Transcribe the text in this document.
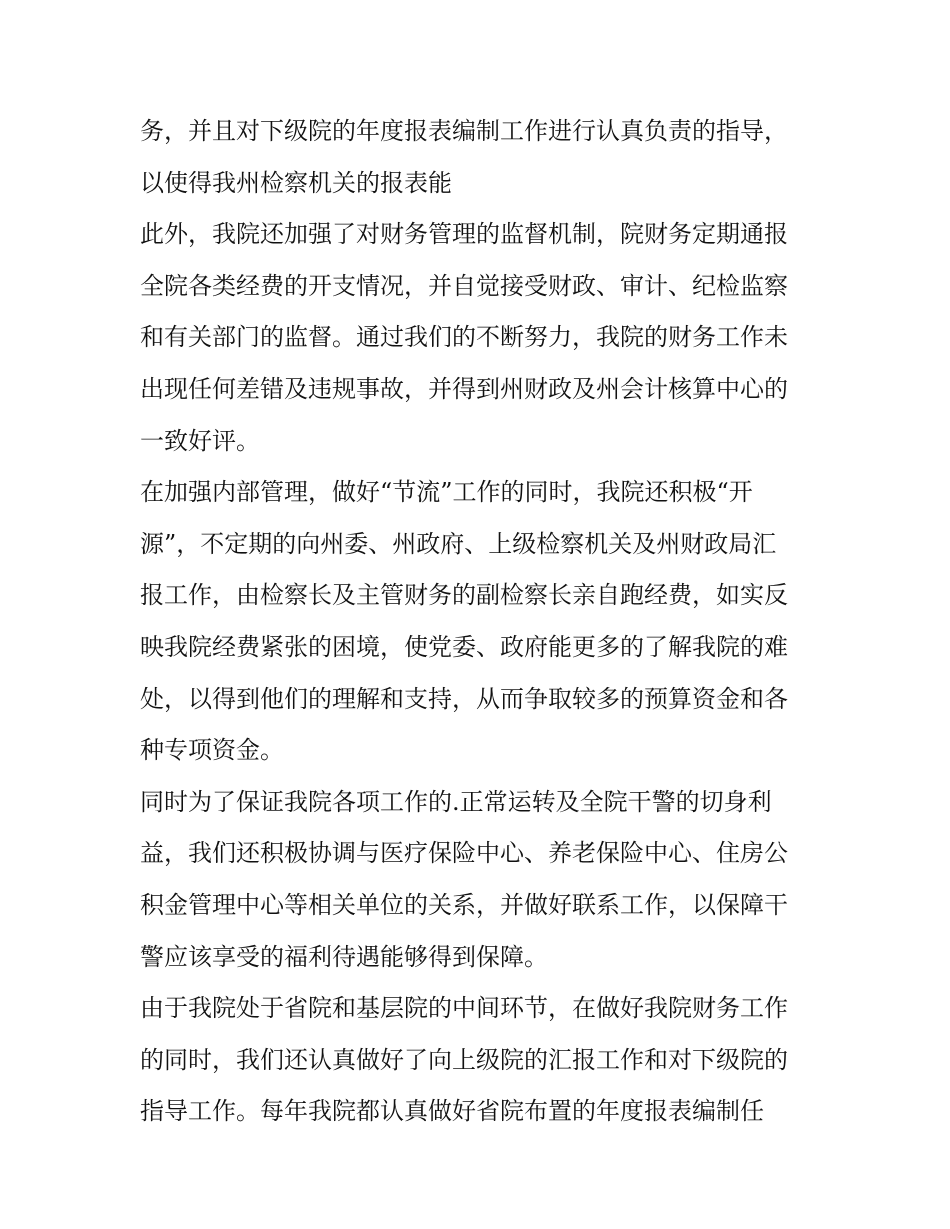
务，并且对下级院的年度报表编制工作进行认真负责的指导，
以使得我州检察机关的报表能
此外，我院还加强了对财务管理的监督机制，院财务定期通报
全院各类经费的开支情况，并自觉接受财政、审计、纪检监察
和有关部门的监督。通过我们的不断努力，我院的财务工作未
出现任何差错及违规事故，并得到州财政及州会计核算中心的
一致好评。
在加强内部管理，做好“节流”工作的同时，我院还积极“开
源”，不定期的向州委、州政府、上级检察机关及州财政局汇
报工作，由检察长及主管财务的副检察长亲自跑经费，如实反
映我院经费紧张的困境，使党委、政府能更多的了解我院的难
处，以得到他们的理解和支持，从而争取较多的预算资金和各
种专项资金。
同时为了保证我院各项工作的.正常运转及全院干警的切身利
益，我们还积极协调与医疗保险中心、养老保险中心、住房公
积金管理中心等相关单位的关系，并做好联系工作，以保障干
警应该享受的福利待遇能够得到保障。
由于我院处于省院和基层院的中间环节，在做好我院财务工作
的同时，我们还认真做好了向上级院的汇报工作和对下级院的
指导工作。每年我院都认真做好省院布置的年度报表编制任
